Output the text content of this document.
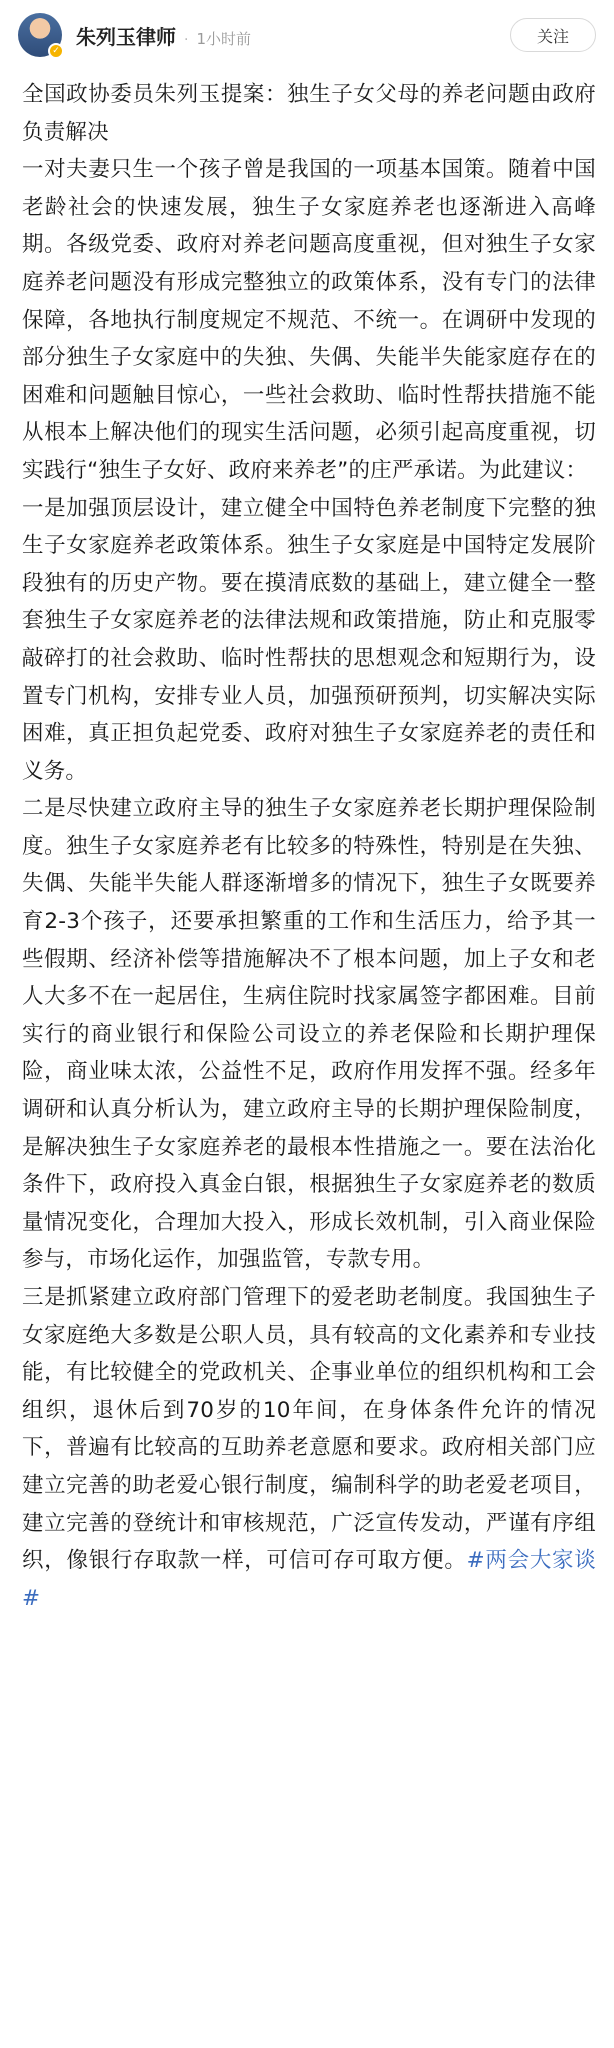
✓
朱列玉律师 · 1小时前	关注

全国政协委员朱列玉提案：独生子女父母的养老问题由政府负责解决

一对夫妻只生一个孩子曾是我国的一项基本国策。随着中国老龄社会的快速发展，独生子女家庭养老也逐渐进入高峰期。各级党委、政府对养老问题高度重视，但对独生子女家庭养老问题没有形成完整独立的政策体系，没有专门的法律保障，各地执行制度规定不规范、不统一。在调研中发现的部分独生子女家庭中的失独、失偶、失能半失能家庭存在的困难和问题触目惊心，一些社会救助、临时性帮扶措施不能从根本上解决他们的现实生活问题，必须引起高度重视，切实践行“独生子女好、政府来养老”的庄严承诺。为此建议：

一是加强顶层设计，建立健全中国特色养老制度下完整的独生子女家庭养老政策体系。独生子女家庭是中国特定发展阶段独有的历史产物。要在摸清底数的基础上，建立健全一整套独生子女家庭养老的法律法规和政策措施，防止和克服零敲碎打的社会救助、临时性帮扶的思想观念和短期行为，设置专门机构，安排专业人员，加强预研预判，切实解决实际困难，真正担负起党委、政府对独生子女家庭养老的责任和义务。

二是尽快建立政府主导的独生子女家庭养老长期护理保险制度。独生子女家庭养老有比较多的特殊性，特别是在失独、失偶、失能半失能人群逐渐增多的情况下，独生子女既要养育2-3个孩子，还要承担繁重的工作和生活压力，给予其一些假期、经济补偿等措施解决不了根本问题，加上子女和老人大多不在一起居住，生病住院时找家属签字都困难。目前实行的商业银行和保险公司设立的养老保险和长期护理保险，商业味太浓，公益性不足，政府作用发挥不强。经多年调研和认真分析认为，建立政府主导的长期护理保险制度，是解决独生子女家庭养老的最根本性措施之一。要在法治化条件下，政府投入真金白银，根据独生子女家庭养老的数质量情况变化，合理加大投入，形成长效机制，引入商业保险参与，市场化运作，加强监管，专款专用。

三是抓紧建立政府部门管理下的爱老助老制度。我国独生子女家庭绝大多数是公职人员，具有较高的文化素养和专业技能，有比较健全的党政机关、企事业单位的组织机构和工会组织，退休后到70岁的10年间，在身体条件允许的情况下，普遍有比较高的互助养老意愿和要求。政府相关部门应建立完善的助老爱心银行制度，编制科学的助老爱老项目，建立完善的登统计和审核规范，广泛宣传发动，严谨有序组织，像银行存取款一样，可信可存可取方便。#两会大家谈#
